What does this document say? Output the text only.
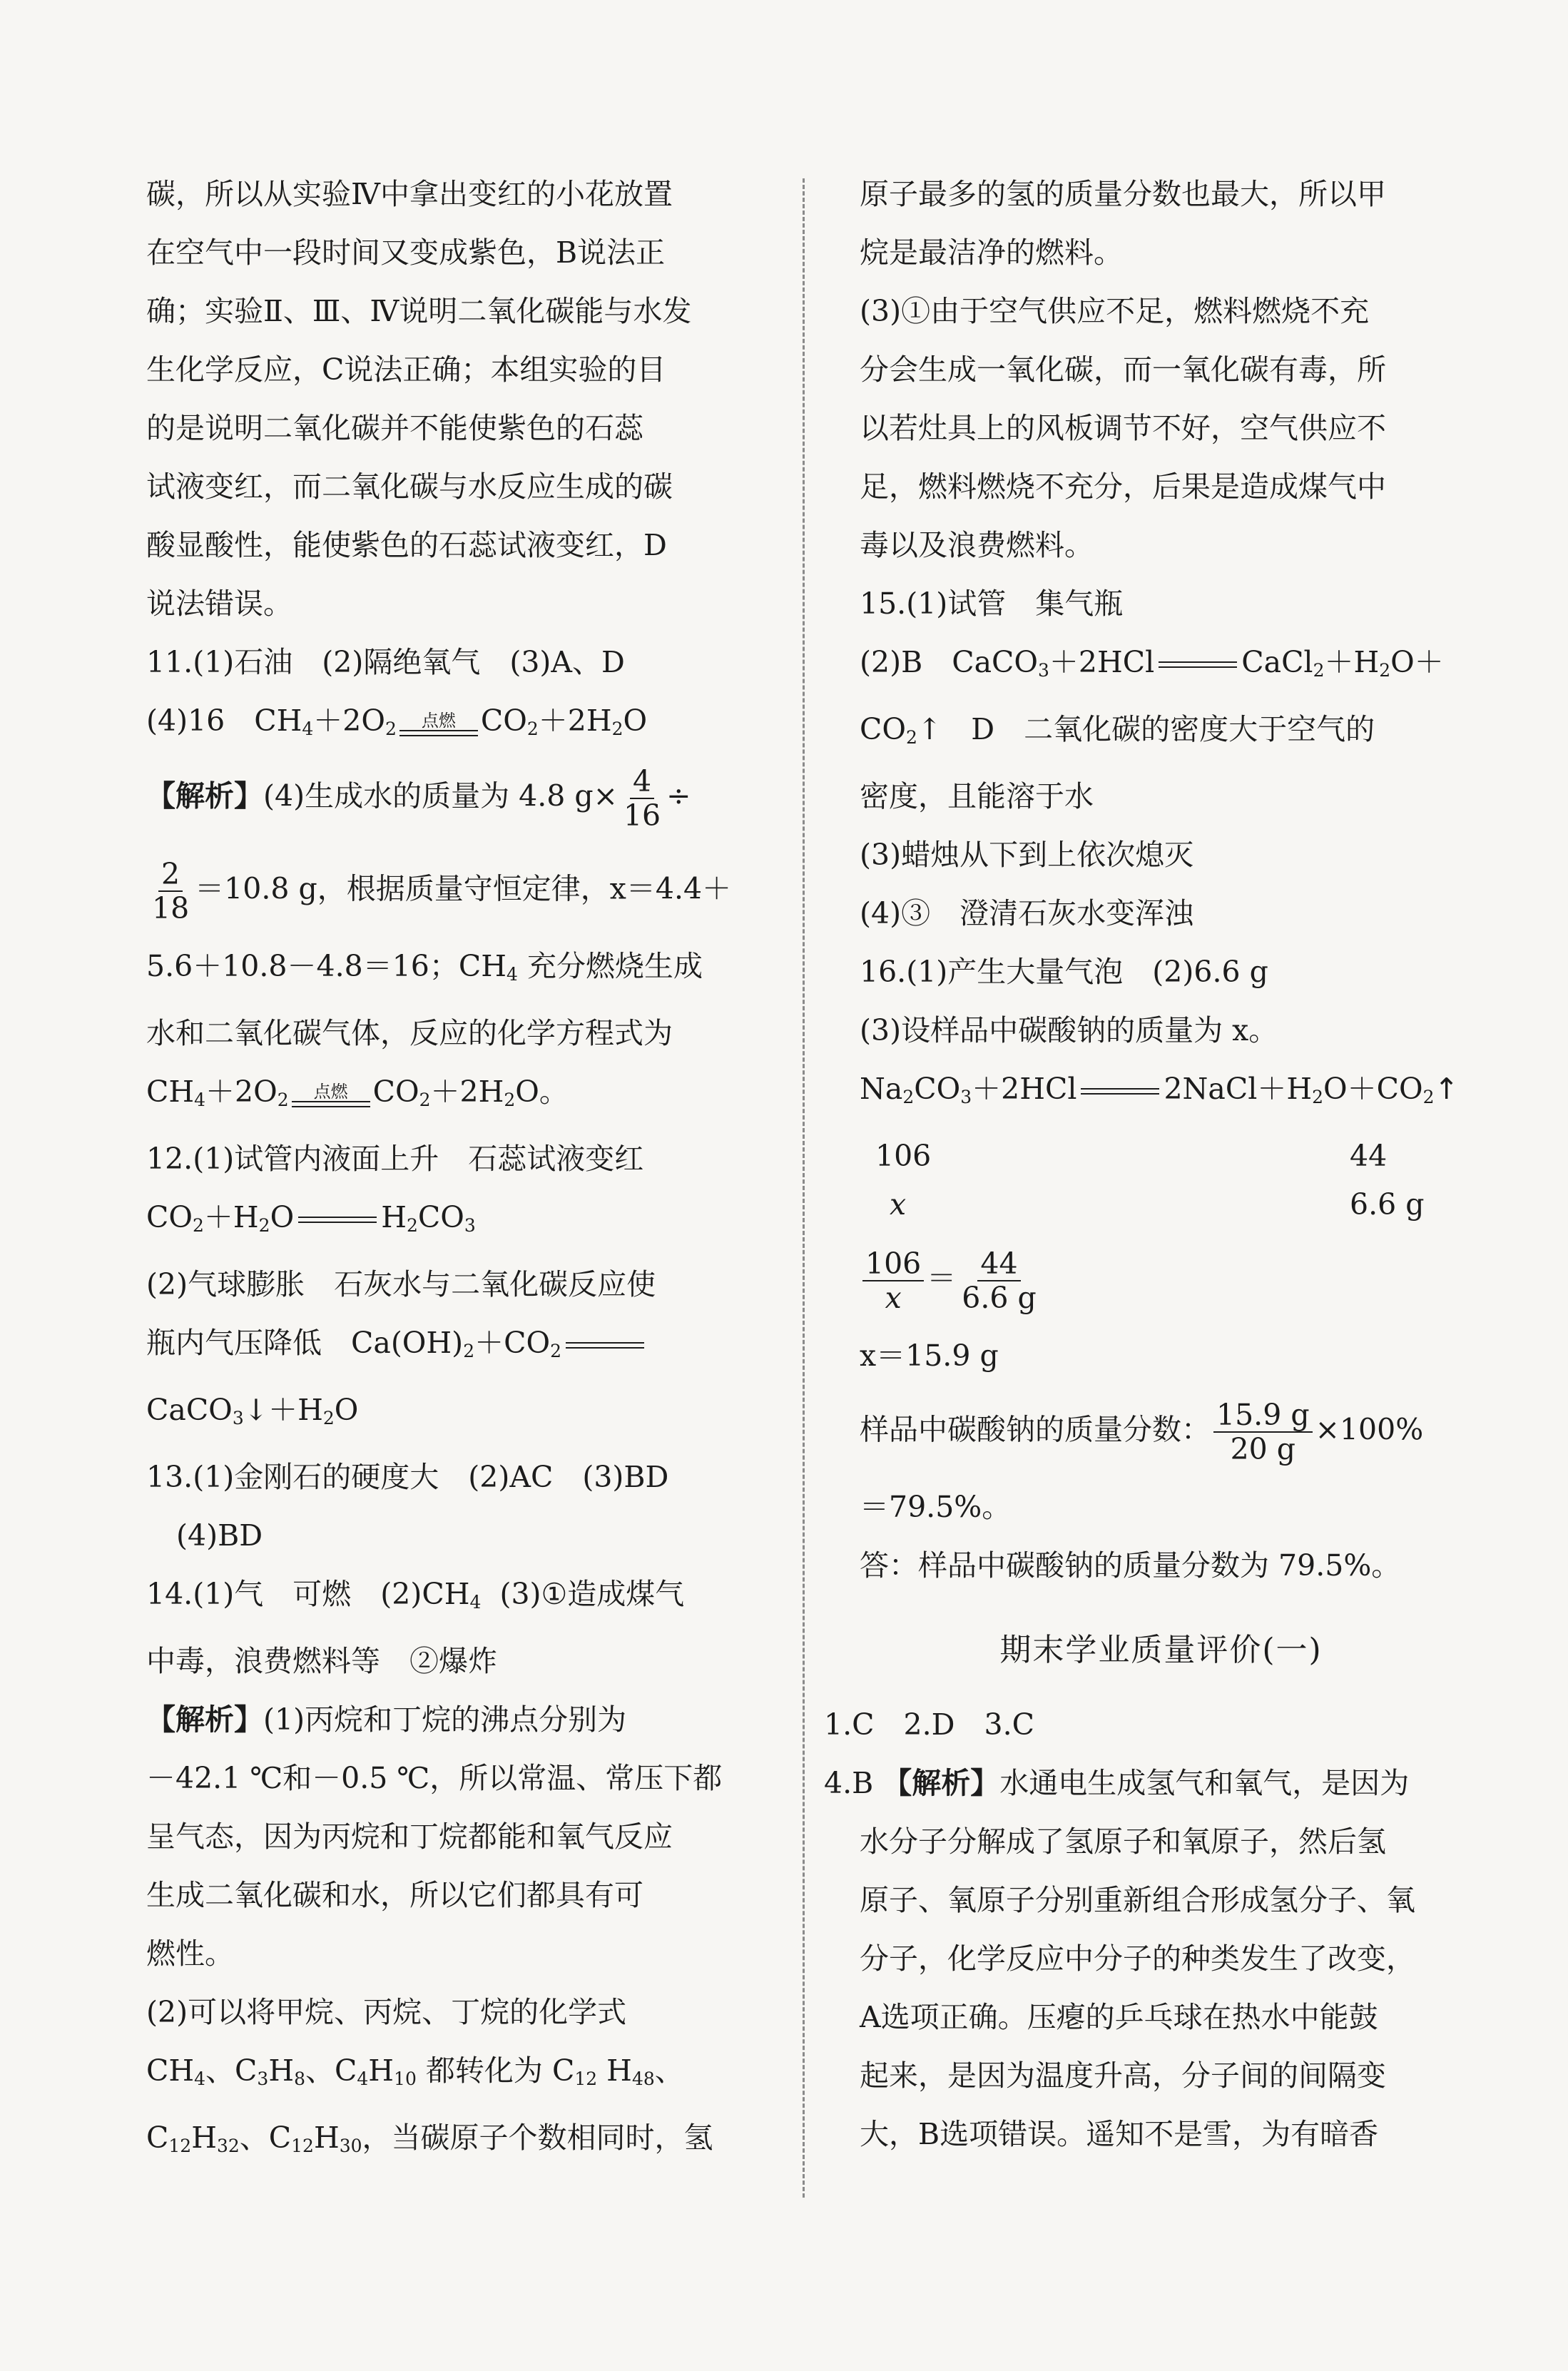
碳，所以从实验Ⅳ中拿出变红的小花放置
在空气中一段时间又变成紫色，B说法正
确；实验Ⅱ、Ⅲ、Ⅳ说明二氧化碳能与水发
生化学反应，C说法正确；本组实验的目
的是说明二氧化碳并不能使紫色的石蕊
试液变红，而二氧化碳与水反应生成的碳
酸显酸性，能使紫色的石蕊试液变红，D
说法错误。
11.(1)石油　(2)隔绝氧气　(3)A、D
(4)16　$CH_4+2O_2$ 点燃 $CO_2+2H_2O$
【解析】(4)生成水的质量为 4.8 $g\times \frac{4}{16}$ ÷
$\frac{2}{18} =10.8$ g，根据质量守恒定律，x＝4.4＋
5.6＋10.8－4.8＝16；$CH_4$ 充分燃烧生成
水和二氧化碳气体，反应的化学方程式为
$CH_4+2O_2$ 点燃 $CO_2+2H_2O$。
12.(1)试管内液面上升　石蕊试液变红
$CO_2+H_2O$	$H_2CO_3$
(2)气球膨胀　石灰水与二氧化碳反应使
瓶内气压降低　$Ca(OH)_2+CO_2$
$CaCO_3↓+H_2O$
13.(1)金刚石的硬度大　(2)AC　(3)BD
(4)BD
14.(1)气　可燃　$(2)CH_4$ (3)①造成煤气
中毒，浪费燃料等　②爆炸
【解析】(1)丙烷和丁烷的沸点分别为
－42.1 ℃和－0.5 ℃，所以常温、常压下都
呈气态，因为丙烷和丁烷都能和氧气反应
生成二氧化碳和水，所以它们都具有可
燃性。
(2)可以将甲烷、丙烷、丁烷的化学式
$CH_4$、$C_3H_8$、$C_4H_{10}$ 都转化为 $C_{12}$ $H_{48}$、
$C_{12}H_{32}$、$C_{12}H_{30}$，当碳原子个数相同时，氢
原子最多的氢的质量分数也最大，所以甲
烷是最洁净的燃料。
(3)①由于空气供应不足，燃料燃烧不充
分会生成一氧化碳，而一氧化碳有毒，所
以若灶具上的风板调节不好，空气供应不
足，燃料燃烧不充分，后果是造成煤气中
毒以及浪费燃料。
15.(1)试管　集气瓶
(2)B　CaCO$_3$＋2HCl	$CaCl_2+H_2O+$
$CO_2↑$　D　二氧化碳的密度大于空气的
密度，且能溶于水
(3)蜡烛从下到上依次熄灭
(4)③　澄清石灰水变浑浊
16.(1)产生大量气泡　(2)6.6 g
(3)设样品中碳酸钠的质量为 x。
$Na_2CO_3+2HCl$	$2NaCl+H_2O+CO_2↑$
106	44
x	6.6 g
$\frac{106}{x} = \frac{44}{6.6 g}$
x＝15.9 g
样品中碳酸钠的质量分数： $\frac{15.9 g}{20 g} \times 100\%$
＝79.5%。
答：样品中碳酸钠的质量分数为 79.5%。
期末学业质量评价(一)
1.C　2.D　3.C
4.B 【解析】水通电生成氢气和氧气，是因为
水分子分解成了氢原子和氧原子，然后氢
原子、氧原子分别重新组合形成氢分子、氧
分子，化学反应中分子的种类发生了改变，
A选项正确。压瘪的乒乓球在热水中能鼓
起来，是因为温度升高，分子间的间隔变
大，B选项错误。遥知不是雪，为有暗香
